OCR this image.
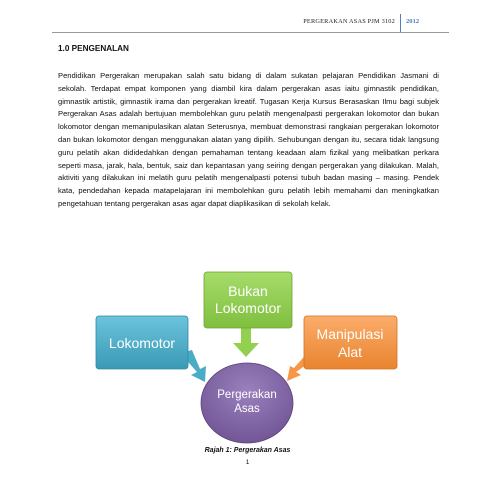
PERGERAKAN ASAS PJM 3102 2012
1.0 PENGENALAN
Pendidikan Pergerakan merupakan salah satu bidang di dalam sukatan pelajaran Pendidikan Jasmani di sekolah. Terdapat empat komponen yang diambil kira dalam pergerakan asas iaitu gimnastik pendidikan, gimnastik artistik, gimnastik irama dan pergerakan kreatif. Tugasan Kerja Kursus Berasaskan Ilmu bagi subjek Pergerakan Asas adalah bertujuan membolehkan guru pelatih mengenalpasti pergerakan lokomotor dan bukan lokomotor dengan memanipulasikan alatan Seterusnya, membuat demonstrasi rangkaian pergerakan lokomotor dan bukan lokomotor dengan menggunakan alatan yang dipilih. Sehubungan dengan itu, secara tidak langsung guru pelatih akan dididedahkan dengan pemahaman tentang keadaan alam fizikal yang melibatkan perkara seperti masa, jarak, hala, bentuk, saiz dan kepantasan yang seiring dengan pergerakan yang dilakukan. Malah, aktiviti yang dilakukan ini melatih guru pelatih mengenalpasti potensi tubuh badan masing – masing. Pendek kata, pendedahan kepada matapelajaran ini membolehkan guru pelatih lebih memahami dan meningkatkan pengetahuan tentang pergerakan asas agar dapat diaplikasikan di sekolah kelak.
Bukan
Lokomotor
Lokomotor
Manipulasi
Alat
Pergerakan
Asas
Rajah 1: Pergerakan Asas
1
